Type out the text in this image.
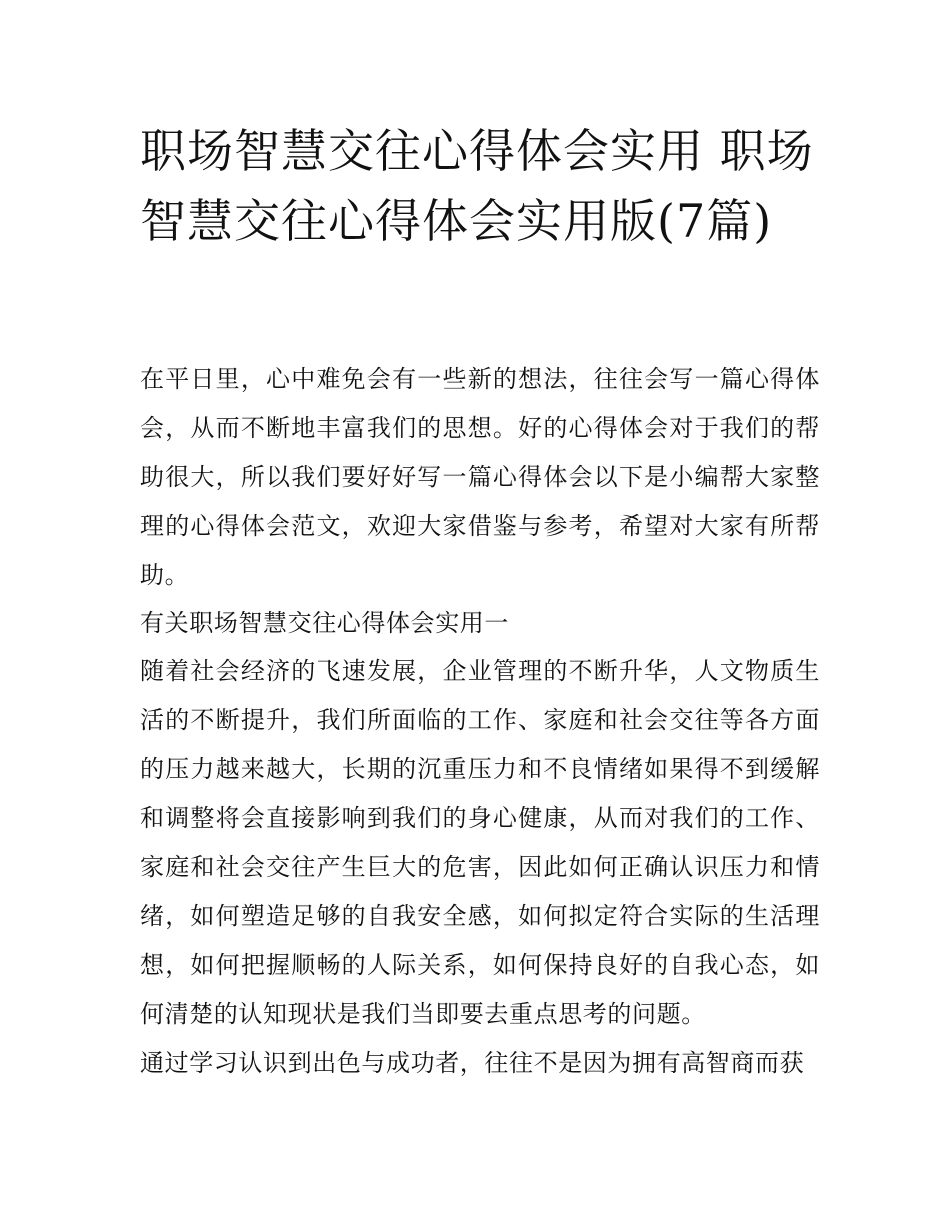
职场智慧交往心得体会实用 职场智慧交往心得体会实用版(7篇)

在平日里，心中难免会有一些新的想法，往往会写一篇心得体会，从而不断地丰富我们的思想。好的心得体会对于我们的帮助很大，所以我们要好好写一篇心得体会以下是小编帮大家整理的心得体会范文，欢迎大家借鉴与参考，希望对大家有所帮助。

有关职场智慧交往心得体会实用一

随着社会经济的飞速发展，企业管理的不断升华，人文物质生活的不断提升，我们所面临的工作、家庭和社会交往等各方面的压力越来越大，长期的沉重压力和不良情绪如果得不到缓解和调整将会直接影响到我们的身心健康，从而对我们的工作、家庭和社会交往产生巨大的危害，因此如何正确认识压力和情绪，如何塑造足够的自我安全感，如何拟定符合实际的生活理想，如何把握顺畅的人际关系，如何保持良好的自我心态，如何清楚的认知现状是我们当即要去重点思考的问题。

通过学习认识到出色与成功者，往往不是因为拥有高智商而获
